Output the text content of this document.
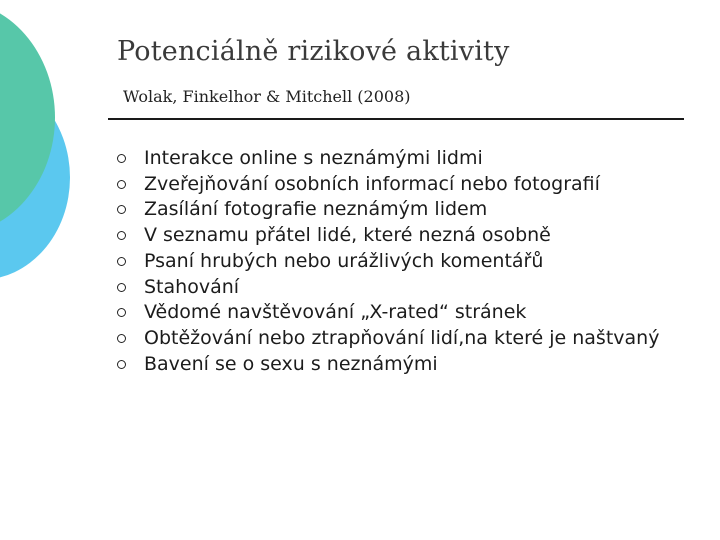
Potenciálně rizikové aktivity
Wolak, Finkelhor & Mitchell (2008)
Interakce online s neznámými lidmi
Zveřejňování osobních informací nebo fotografií
Zasílání fotografie neznámým lidem
V seznamu přátel lidé, které nezná osobně
Psaní hrubých nebo urážlivých komentářů
Stahování
Vědomé navštěvování „X-rated“ stránek
Obtěžování nebo ztrapňování lidí,na které je naštvaný
Bavení se o sexu s neznámými
